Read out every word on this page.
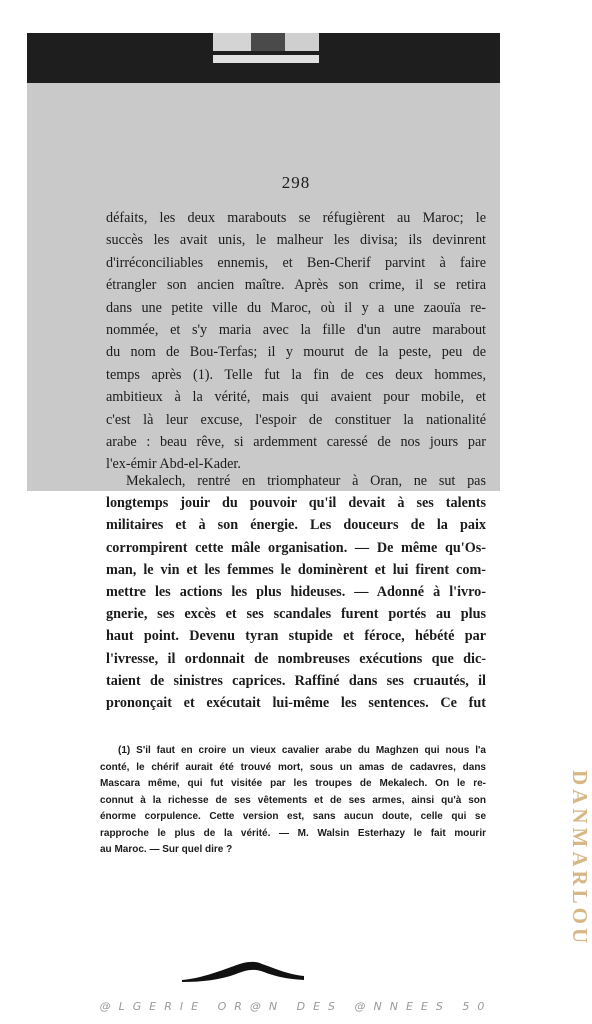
298
défaits, les deux marabouts se réfugièrent au Maroc; le
succès les avait unis, le malheur les divisa; ils devinrent
d'irréconciliables ennemis, et Ben-Cherif parvint à faire
étrangler son ancien maître. Après son crime, il se retira
dans une petite ville du Maroc, où il y a une zaouïa re-
nommée, et s'y maria avec la fille d'un autre marabout
du nom de Bou-Terfas; il y mourut de la peste, peu de
temps après (1). Telle fut la fin de ces deux hommes,
ambitieux à la vérité, mais qui avaient pour mobile, et
c'est là leur excuse, l'espoir de constituer la nationalité
arabe : beau rêve, si ardemment caressé de nos jours par
l'ex-émir Abd-el-Kader.
Mekalech, rentré en triomphateur à Oran, ne sut pas
longtemps jouir du pouvoir qu'il devait à ses talents
militaires et à son énergie. Les douceurs de la paix
corrompirent cette mâle organisation. — De même qu'Os-
man, le vin et les femmes le dominèrent et lui firent com-
mettre les actions les plus hideuses. — Adonné à l'ivro-
gnerie, ses excès et ses scandales furent portés au plus
haut point. Devenu tyran stupide et féroce, hébété par
l'ivresse, il ordonnait de nombreuses exécutions que dic-
taient de sinistres caprices. Raffiné dans ses cruautés, il
prononçait et exécutait lui-même les sentences. Ce fut
(1) S'il faut en croire un vieux cavalier arabe du Maghzen qui nous l'a
conté, le chérif aurait été trouvé mort, sous un amas de cadavres, dans
Mascara même, qui fut visitée par les troupes de Mekalech. On le re-
connut à la richesse de ses vêtements et de ses armes, ainsi qu'à son
énorme corpulence. Cette version est, sans aucun doute, celle qui se
rapproche le plus de la vérité. — M. Walsin Esterhazy le fait mourir
au Maroc. — Sur quel dire ?	DANMARLOU
@LGERIE OR@N DES @NNEES 50
